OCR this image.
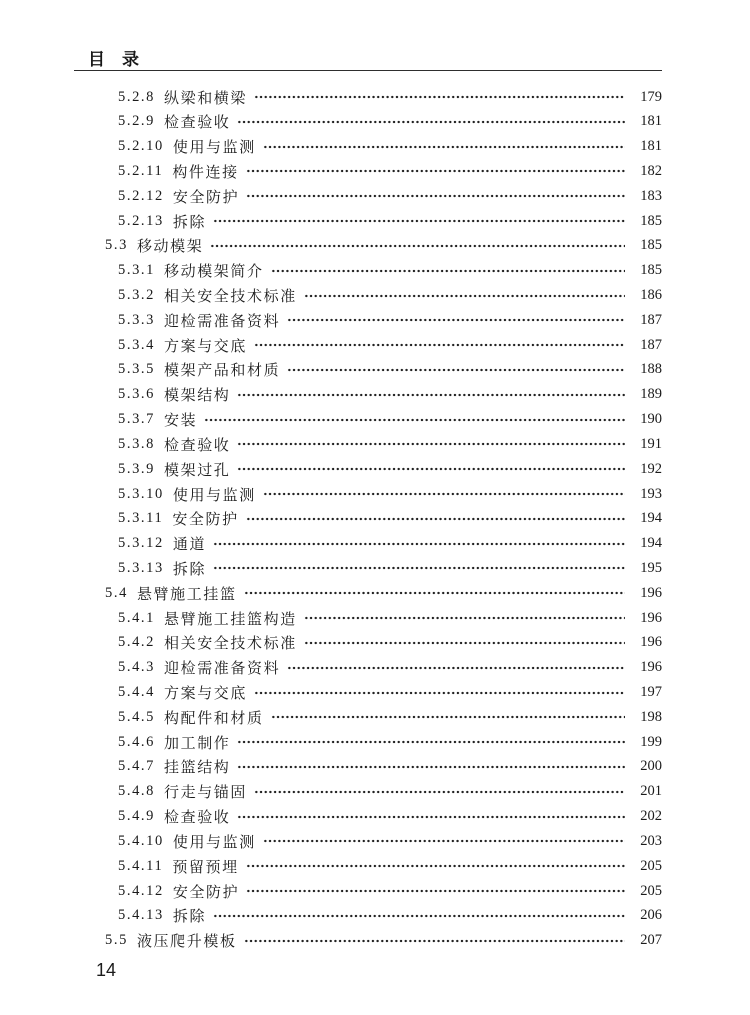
目　录
5.2.8 纵梁和横梁	179
5.2.9 检查验收	181
5.2.10 使用与监测	181
5.2.11 构件连接	182
5.2.12 安全防护	183
5.2.13 拆除	185
5.3 移动模架	185
5.3.1 移动模架简介	185
5.3.2 相关安全技术标准	186
5.3.3 迎检需准备资料	187
5.3.4 方案与交底	187
5.3.5 模架产品和材质	188
5.3.6 模架结构	189
5.3.7 安装	190
5.3.8 检查验收	191
5.3.9 模架过孔	192
5.3.10 使用与监测	193
5.3.11 安全防护	194
5.3.12 通道	194
5.3.13 拆除	195
5.4 悬臂施工挂篮	196
5.4.1 悬臂施工挂篮构造	196
5.4.2 相关安全技术标准	196
5.4.3 迎检需准备资料	196
5.4.4 方案与交底	197
5.4.5 构配件和材质	198
5.4.6 加工制作	199
5.4.7 挂篮结构	200
5.4.8 行走与锚固	201
5.4.9 检查验收	202
5.4.10 使用与监测	203
5.4.11 预留预埋	205
5.4.12 安全防护	205
5.4.13 拆除	206
5.5 液压爬升模板	207
14
